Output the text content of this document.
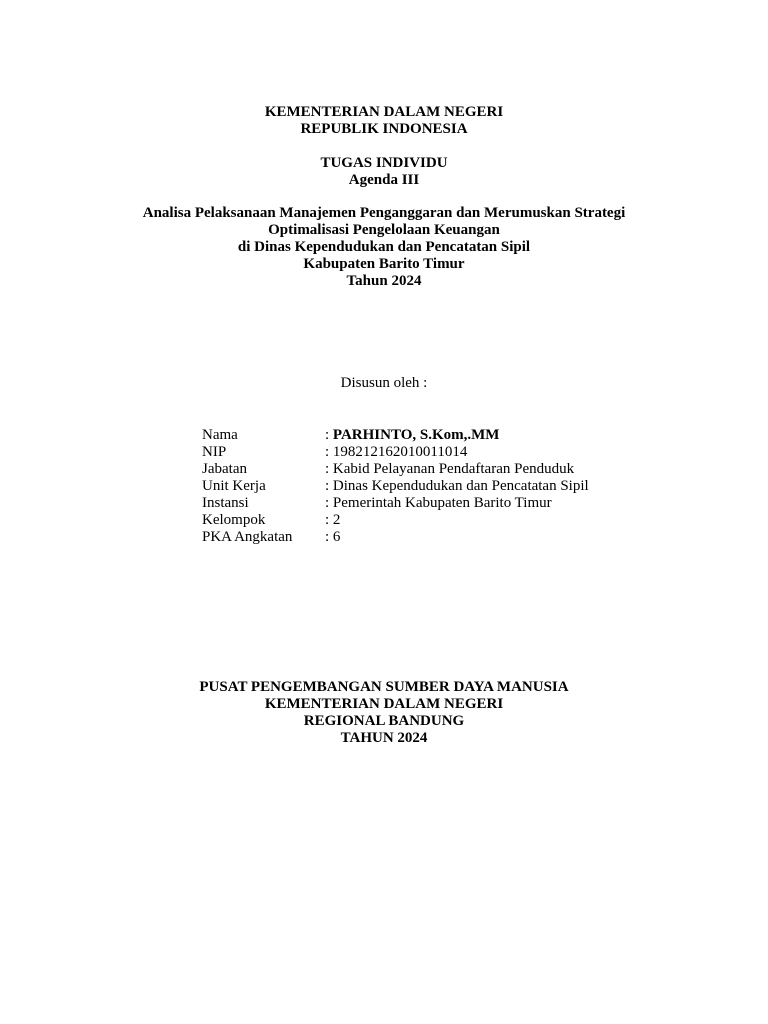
KEMENTERIAN DALAM NEGERI
REPUBLIK INDONESIA
TUGAS INDIVIDU
Agenda III
Analisa Pelaksanaan Manajemen Penganggaran dan Merumuskan Strategi
Optimalisasi Pengelolaan Keuangan
di Dinas Kependudukan dan Pencatatan Sipil
Kabupaten Barito Timur
Tahun 2024
Disusun oleh :
Nama	: PARHINTO, S.Kom,.MM
NIP	: 198212162010011014
Jabatan	: Kabid Pelayanan Pendaftaran Penduduk
Unit Kerja	: Dinas Kependudukan dan Pencatatan Sipil
Instansi	: Pemerintah Kabupaten Barito Timur
Kelompok	: 2
PKA Angkatan : 6
PUSAT PENGEMBANGAN SUMBER DAYA MANUSIA
KEMENTERIAN DALAM NEGERI
REGIONAL BANDUNG
TAHUN 2024
